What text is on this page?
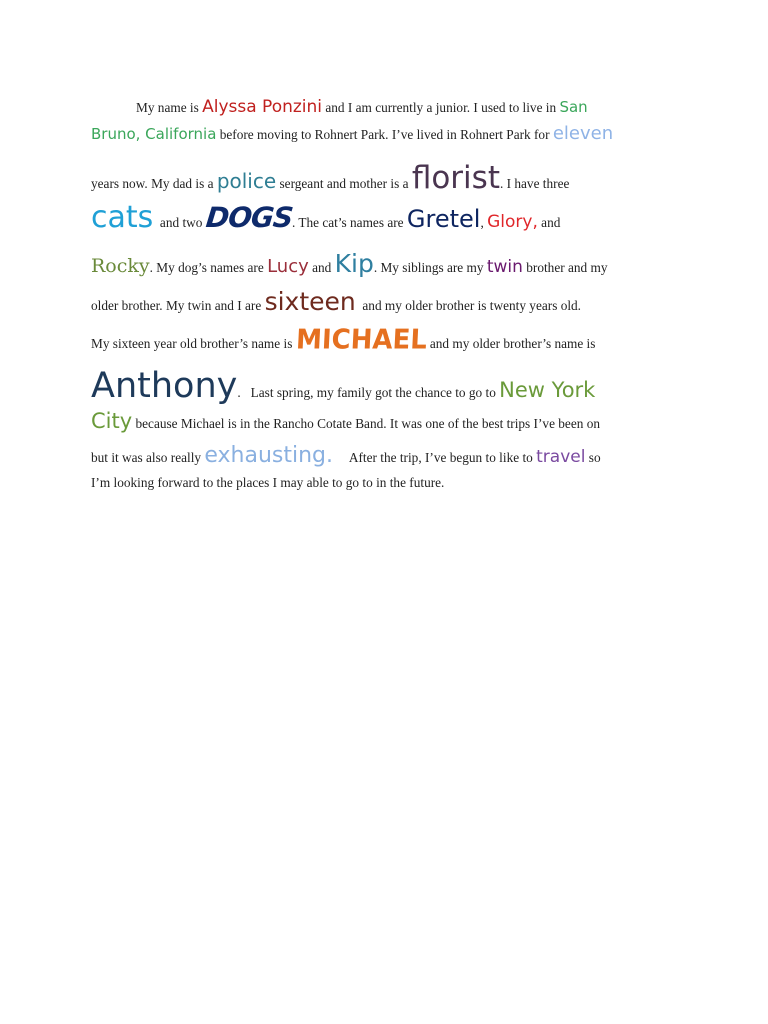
My name is Alyssa Ponzini and I am currently a junior. I used to live in San
Bruno, California before moving to Rohnert Park. I’ve lived in Rohnert Park for eleven
years now. My dad is a police sergeant and mother is a florist . I have three
cats and two
DOGS
. The cat’s names are Gretel , Glory, and
Rocky . My dog’s names are Lucy and Kip . My siblings are my twin brother and my
older brother. My twin and I are sixteen and my older brother is twenty years old.
My sixteen year old brother’s name is MICHAEL and my older brother’s name is
Anthony .   Last spring, my family got the chance to go to New York
City because Michael is in the Rancho Cotate Band. It was one of the best trips I’ve been on
but it was also really exhausting. After the trip, I’ve begun to like to travel so
I’m looking forward to the places I may able to go to in the future.
